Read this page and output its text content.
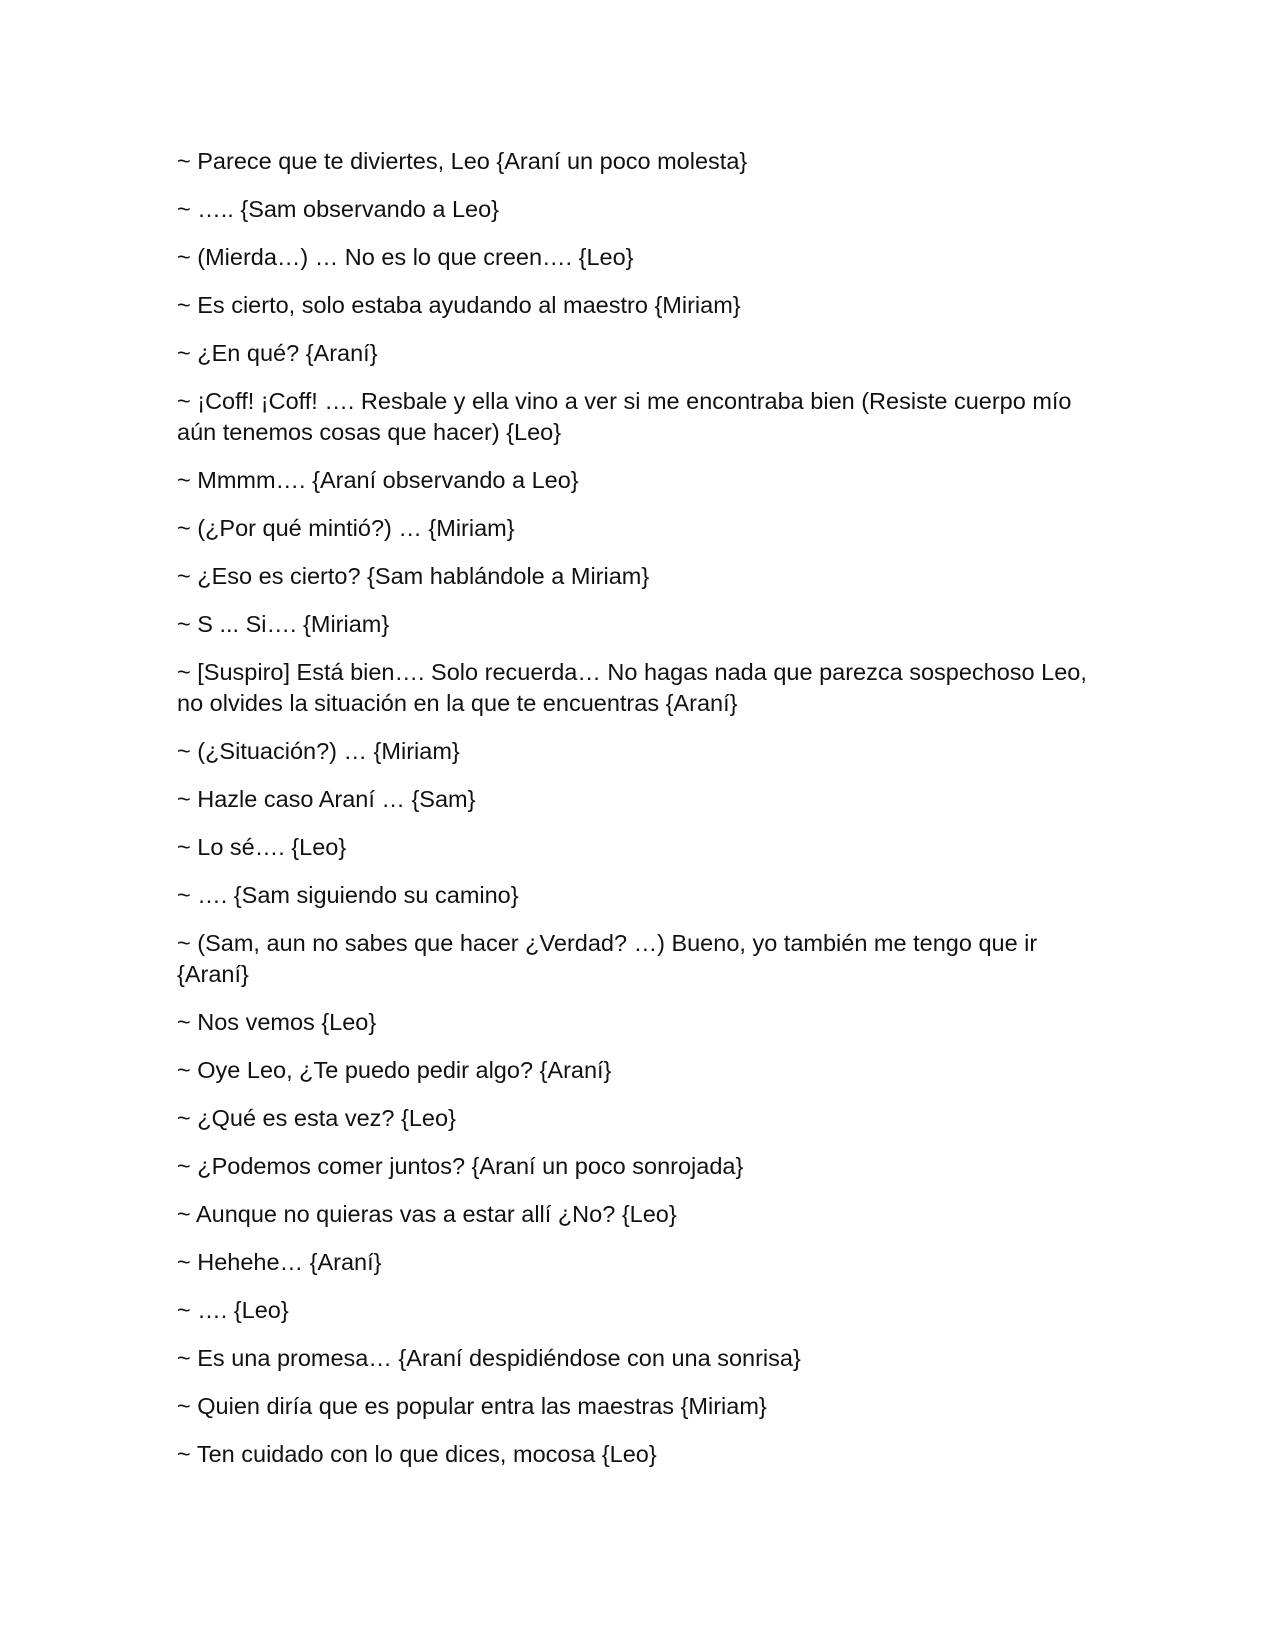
~ Parece que te diviertes, Leo {Araní un poco molesta}

~ ….. {Sam observando a Leo}

~ (Mierda…) … No es lo que creen…. {Leo}

~ Es cierto, solo estaba ayudando al maestro {Miriam}

~ ¿En qué? {Araní}

~ ¡Coff! ¡Coff! …. Resbale y ella vino a ver si me encontraba bien (Resiste cuerpo mío aún tenemos cosas que hacer) {Leo}

~ Mmmm…. {Araní observando a Leo}

~ (¿Por qué mintió?) … {Miriam}

~ ¿Eso es cierto? {Sam hablándole a Miriam}

~ S ... Si…. {Miriam}

~ [Suspiro] Está bien…. Solo recuerda… No hagas nada que parezca sospechoso Leo, no olvides la situación en la que te encuentras {Araní}

~ (¿Situación?) … {Miriam}

~ Hazle caso Araní … {Sam}

~ Lo sé…. {Leo}

~ …. {Sam siguiendo su camino}

~ (Sam, aun no sabes que hacer ¿Verdad? …) Bueno, yo también me tengo que ir {Araní}

~ Nos vemos {Leo}

~ Oye Leo, ¿Te puedo pedir algo? {Araní}

~ ¿Qué es esta vez? {Leo}

~ ¿Podemos comer juntos? {Araní un poco sonrojada}

~ Aunque no quieras vas a estar allí ¿No? {Leo}

~ Hehehe… {Araní}

~ …. {Leo}

~ Es una promesa… {Araní despidiéndose con una sonrisa}

~ Quien diría que es popular entra las maestras {Miriam}

~ Ten cuidado con lo que dices, mocosa {Leo}
